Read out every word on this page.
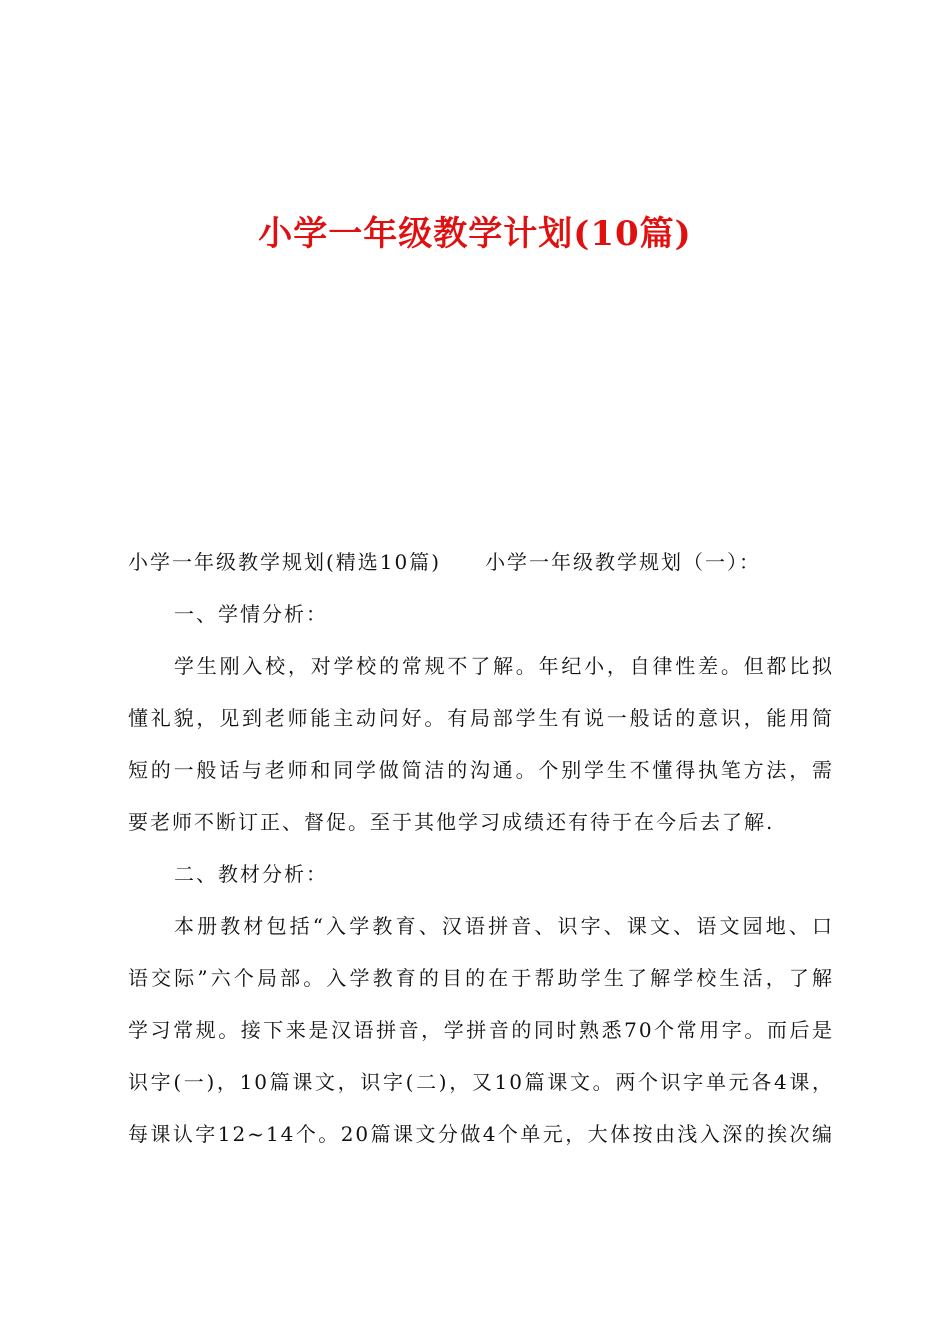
小学一年级教学计划(10篇)
小学一年级教学规划(精选10篇) 小学一年级教学规划（一）：
一、学情分析：
学生刚入校，对学校的常规不了解。年纪小，自律性差。但都比拟
懂礼貌，见到老师能主动问好。有局部学生有说一般话的意识，能用简
短的一般话与老师和同学做简洁的沟通。个别学生不懂得执笔方法，需
要老师不断订正、督促。至于其他学习成绩还有待于在今后去了解.
二、教材分析：
本册教材包括“入学教育、汉语拼音、识字、课文、语文园地、口
语交际”六个局部。入学教育的目的在于帮助学生了解学校生活，了解
学习常规。接下来是汉语拼音，学拼音的同时熟悉70个常用字。而后是
识字(一)，10篇课文，识字(二)，又10篇课文。两个识字单元各4课，
每课认字12~14个。20篇课文分做4个单元，大体按由浅入深的挨次编
